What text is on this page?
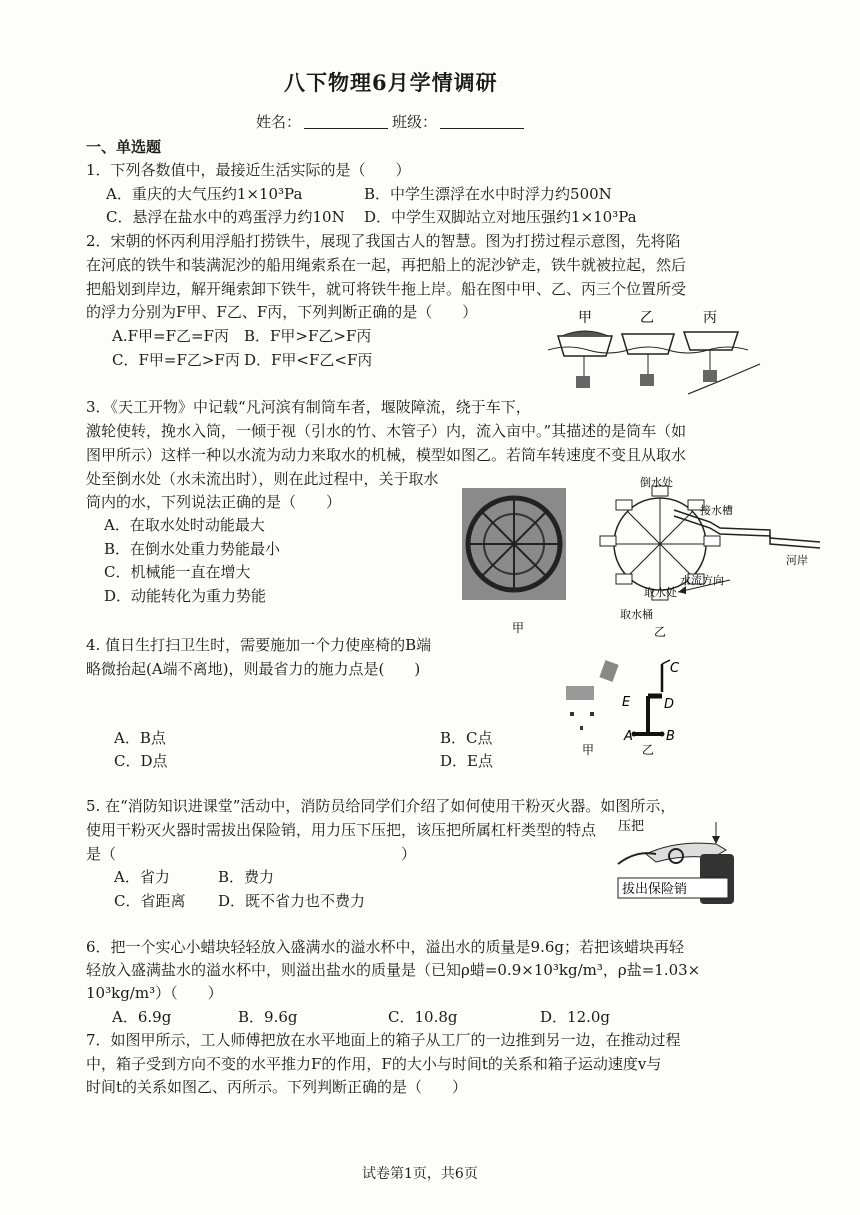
八下物理6月学情调研
姓名：	班级：
一、单选题
1．下列各数值中，最接近生活实际的是（　　）
A．重庆的大气压约1×10³Pa	B．中学生漂浮在水中时浮力约500N
C．悬浮在盐水中的鸡蛋浮力约10N D．中学生双脚站立对地压强约1×10³Pa
2．宋朝的怀丙利用浮船打捞铁牛，展现了我国古人的智慧。图为打捞过程示意图，先将陷
在河底的铁牛和装满泥沙的船用绳索系在一起，再把船上的泥沙铲走，铁牛就被拉起，然后
把船划到岸边，解开绳索卸下铁牛，就可将铁牛拖上岸。船在图中甲、乙、丙三个位置所受
的浮力分别为F甲、F乙、F丙，下列判断正确的是（　　）
A.F甲=F乙=F丙 B．F甲>F乙>F丙
C．F甲=F乙>F丙 D．F甲<F乙<F丙
甲	乙	丙
3．《天工开物》中记载“凡河滨有制筒车者，堰陂障流，绕于车下，
激轮使转，挽水入筒，一倾于视（引水的竹、木管子）内，流入亩中。”其描述的是筒车（如
图甲所示）这样一种以水流为动力来取水的机械，模型如图乙。若筒车转速度不变且从取水
处至倒水处（水未流出时），则在此过程中，关于取水
筒内的水，下列说法正确的是（　　）
A．在取水处时动能最大
B．在倒水处重力势能最小
C．机械能一直在增大
D．动能转化为重力势能
倒水处
接水槽
河岸
水流方向
取水处
取水桶
甲	乙
4. 值日生打扫卫生时，需要施加一个力使座椅的B端
略微抬起(A端不离地)，则最省力的施力点是(　　)
A．B点	B．C点
C．D点	D．E点
C
D
E
A	B
甲	乙
5. 在“消防知识进课堂”活动中，消防员给同学们介绍了如何使用干粉灭火器。如图所示，
使用干粉灭火器时需拔出保险销，用力压下压把，该压把所属杠杆类型的特点
是（　　　　　　　　　　　　　　　　　　　）
A．省力	B．费力
C．省距离 D．既不省力也不费力
压把
拔出保险销
6．把一个实心小蜡块轻轻放入盛满水的溢水杯中，溢出水的质量是9.6g；若把该蜡块再轻
轻放入盛满盐水的溢水杯中，则溢出盐水的质量是（已知ρ蜡=0.9×10³kg/m³，ρ盐=1.03×
10³kg/m³）（　　）
A．6.9g	B．9.6g	C．10.8g	D．12.0g
7．如图甲所示，工人师傅把放在水平地面上的箱子从工厂的一边推到另一边，在推动过程
中，箱子受到方向不变的水平推力F的作用，F的大小与时间t的关系和箱子运动速度v与
时间t的关系如图乙、丙所示。下列判断正确的是（　　）
试卷第1页，共6页
